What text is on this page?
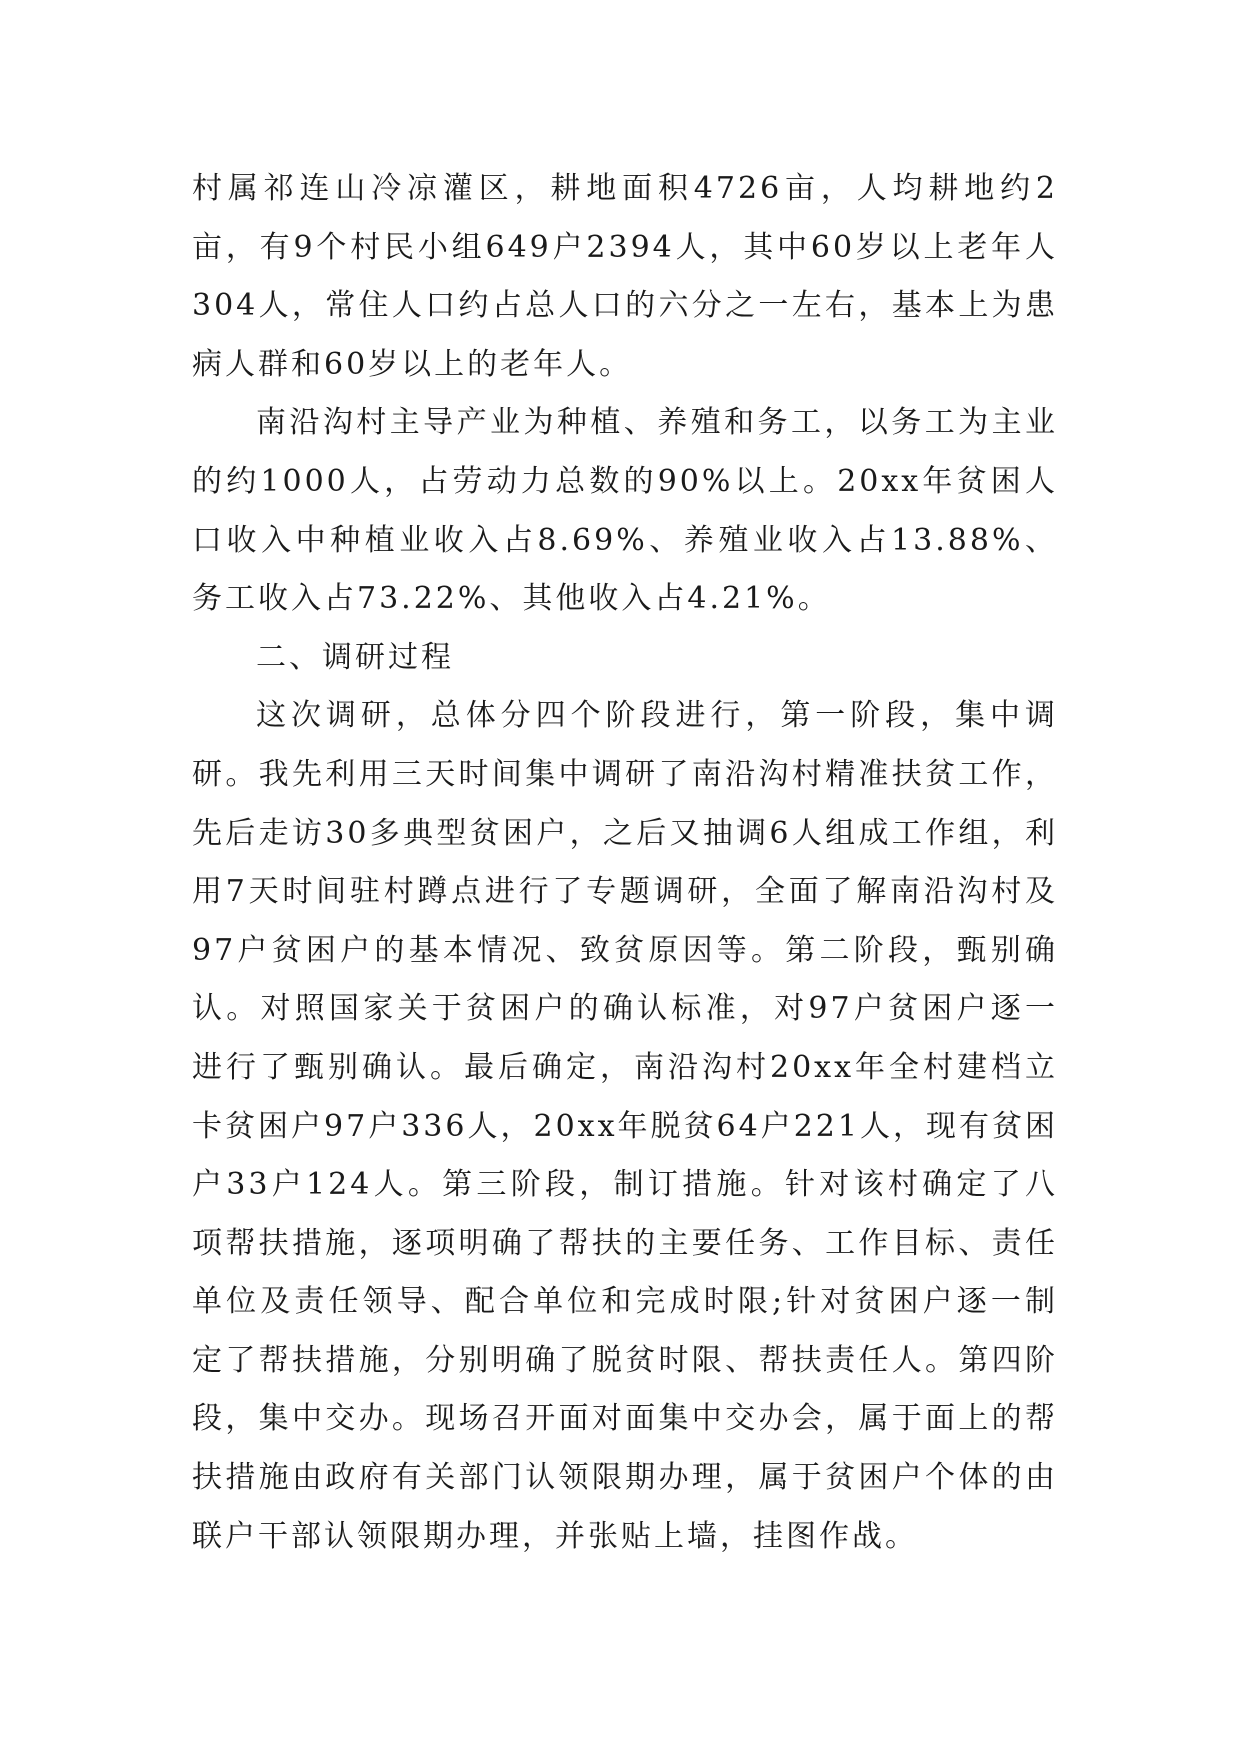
村属祁连山冷凉灌区，耕地面积4726亩，人均耕地约2亩，有9个村民小组649户2394人，其中60岁以上老年人304人，常住人口约占总人口的六分之一左右，基本上为患病人群和60岁以上的老年人。

南沿沟村主导产业为种植、养殖和务工，以务工为主业的约1000人，占劳动力总数的90%以上。20xx年贫困人口收入中种植业收入占8.69%、养殖业收入占13.88%、务工收入占73.22%、其他收入占4.21%。

二、调研过程

这次调研，总体分四个阶段进行，第一阶段，集中调研。我先利用三天时间集中调研了南沿沟村精准扶贫工作，先后走访30多典型贫困户，之后又抽调6人组成工作组，利用7天时间驻村蹲点进行了专题调研，全面了解南沿沟村及97户贫困户的基本情况、致贫原因等。第二阶段，甄别确认。对照国家关于贫困户的确认标准，对97户贫困户逐一进行了甄别确认。最后确定，南沿沟村20xx年全村建档立卡贫困户97户336人，20xx年脱贫64户221人，现有贫困户33户124人。第三阶段，制订措施。针对该村确定了八项帮扶措施，逐项明确了帮扶的主要任务、工作目标、责任单位及责任领导、配合单位和完成时限;针对贫困户逐一制定了帮扶措施，分别明确了脱贫时限、帮扶责任人。第四阶段，集中交办。现场召开面对面集中交办会，属于面上的帮扶措施由政府有关部门认领限期办理，属于贫困户个体的由联户干部认领限期办理，并张贴上墙，挂图作战。
